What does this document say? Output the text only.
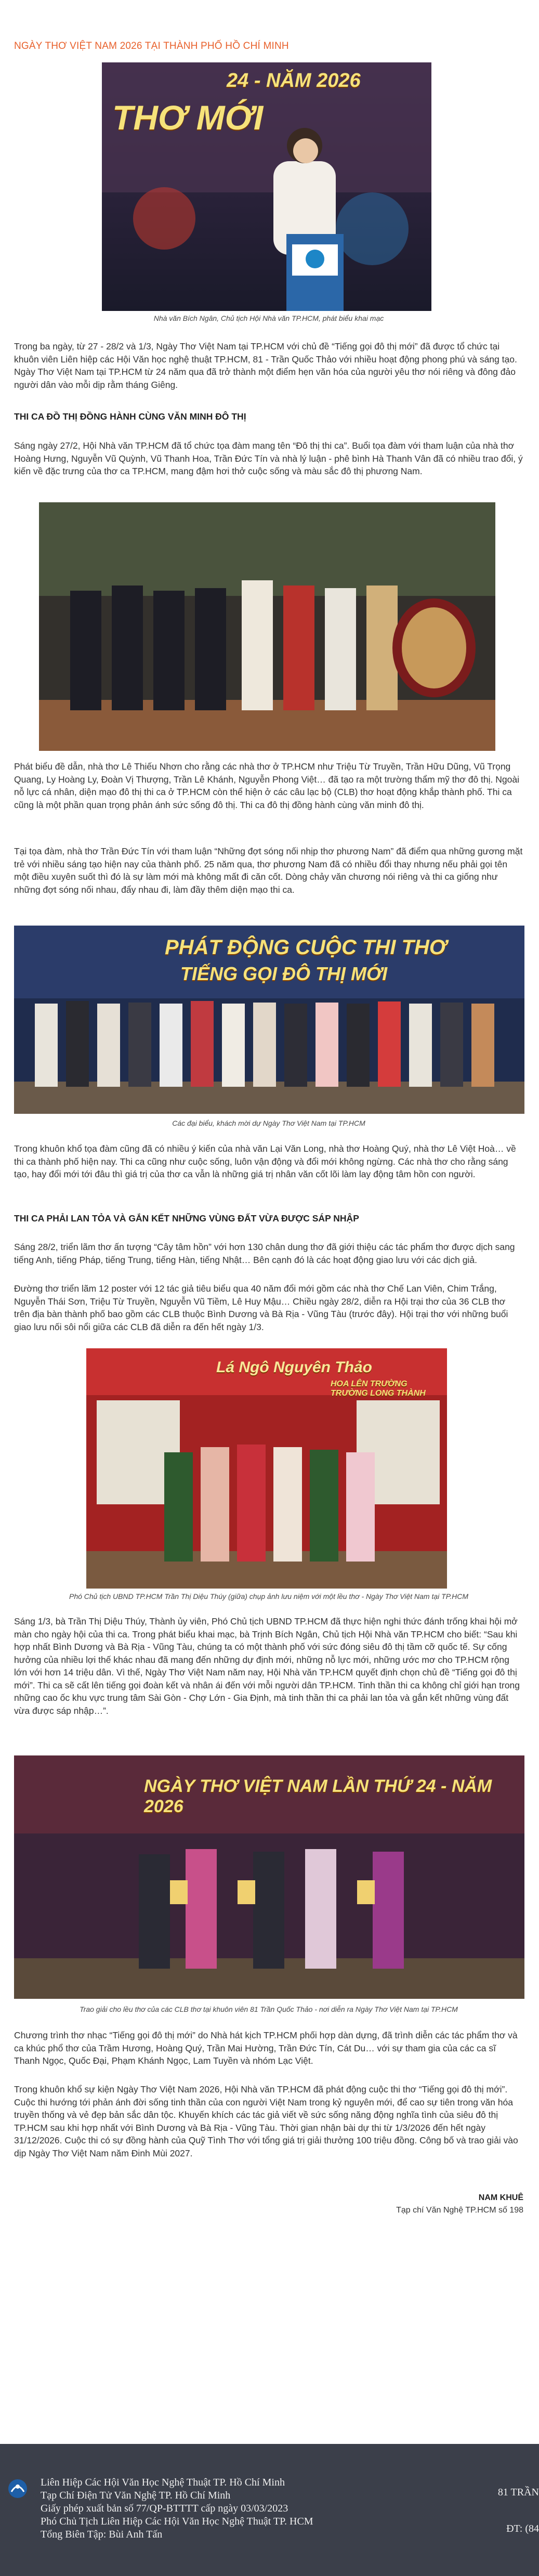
NGÀY THƠ VIỆT NAM 2026 TẠI THÀNH PHỐ HỒ CHÍ MINH
24 - NĂM 2026
THƠ MỚI
Nhà văn Bích Ngân, Chủ tịch Hội Nhà văn TP.HCM, phát biểu khai mạc

Trong ba ngày, từ 27 - 28/2 và 1/3, Ngày Thơ Việt Nam tại TP.HCM với chủ đề “Tiếng gọi đô thị mới” đã được tổ chức tại khuôn viên Liên hiệp các Hội Văn học nghệ thuật TP.HCM, 81 - Trần Quốc Thảo với nhiều hoạt động phong phú và sáng tạo. Ngày Thơ Việt Nam tại TP.HCM từ 24 năm qua đã trở thành một điểm hẹn văn hóa của người yêu thơ nói riêng và đông đảo người dân vào mỗi dịp rằm tháng Giêng.

THI CA ĐỒ THỊ ĐỒNG HÀNH CÙNG VĂN MINH ĐÔ THỊ

Sáng ngày 27/2, Hội Nhà văn TP.HCM đã tổ chức tọa đàm mang tên “Đô thị thi ca”. Buổi tọa đàm với tham luận của nhà thơ Hoàng Hưng, Nguyễn Vũ Quỳnh, Vũ Thanh Hoa, Trần Đức Tín và nhà lý luận - phê bình Hà Thanh Vân đã có nhiều trao đổi, ý kiến về đặc trưng của thơ ca TP.HCM, mang đậm hơi thở cuộc sống và màu sắc đô thị phương Nam.

Phát biểu đề dẫn, nhà thơ Lê Thiếu Nhơn cho rằng các nhà thơ ở TP.HCM như Triệu Từ Truyền, Trần Hữu Dũng, Vũ Trọng Quang, Ly Hoàng Ly, Đoàn Vị Thượng, Trần Lê Khánh, Nguyễn Phong Việt… đã tạo ra một trường thẩm mỹ thơ đô thị. Ngoài nỗ lực cá nhân, diện mạo đô thị thi ca ở TP.HCM còn thể hiện ở các câu lạc bộ (CLB) thơ hoạt động khắp thành phố. Thi ca cũng là một phần quan trọng phản ánh sức sống đô thị. Thi ca đô thị đồng hành cùng văn minh đô thị.

Tại tọa đàm, nhà thơ Trần Đức Tín với tham luận “Những đợt sóng nối nhịp thơ phương Nam” đã điểm qua những gương mặt trẻ với nhiều sáng tạo hiện nay của thành phố. 25 năm qua, thơ phương Nam đã có nhiều đổi thay nhưng nếu phải gọi tên một điều xuyên suốt thì đó là sự làm mới mà không mất đi căn cốt. Dòng chảy văn chương nói riêng và thi ca giống như những đợt sóng nối nhau, đẩy nhau đi, làm đầy thêm diện mạo thi ca.

PHÁT ĐỘNG CUỘC THI THƠ
TIẾNG GỌI ĐÔ THỊ MỚI
Các đại biểu, khách mời dự Ngày Thơ Việt Nam tại TP.HCM

Trong khuôn khổ tọa đàm cũng đã có nhiều ý kiến của nhà văn Lại Văn Long, nhà thơ Hoàng Quý, nhà thơ Lê Việt Hoà… về thi ca thành phố hiện nay. Thi ca cũng như cuộc sống, luôn vận động và đổi mới không ngừng. Các nhà thơ cho rằng sáng tạo, hay đổi mới tới đâu thì giá trị của thơ ca vẫn là những giá trị nhân văn cốt lõi làm lay động tâm hồn con người.

THI CA PHẢI LAN TỎA VÀ GẮN KẾT NHỮNG VÙNG ĐẤT VỪA ĐƯỢC SÁP NHẬP

Sáng 28/2, triển lãm thơ ấn tượng “Cây tâm hồn” với hơn 130 chân dung thơ đã giới thiệu các tác phẩm thơ được dịch sang tiếng Anh, tiếng Pháp, tiếng Trung, tiếng Hàn, tiếng Nhật… Bên cạnh đó là các hoạt động giao lưu với các dịch giả.

Đường thơ triển lãm 12 poster với 12 tác giả tiêu biểu qua 40 năm đổi mới gồm các nhà thơ Chế Lan Viên, Chim Trắng, Nguyễn Thái Sơn, Triệu Từ Truyền, Nguyễn Vũ Tiềm, Lê Huy Mậu… Chiều ngày 28/2, diễn ra Hội trại thơ của 36 CLB thơ trên địa bàn thành phố bao gồm các CLB thuộc Bình Dương và Bà Rịa - Vũng Tàu (trước đây). Hội trại thơ với những buổi giao lưu nối sôi nổi giữa các CLB đã diễn ra đến hết ngày 1/3.

Lá Ngô Nguyên Thảo
HOA LÊN TRƯỜNG TRƯỜNG LONG THÀNH
Phó Chủ tịch UBND TP.HCM Trần Thị Diệu Thúy (giữa) chụp ảnh lưu niệm với một lều thơ - Ngày Thơ Việt Nam tại TP.HCM

Sáng 1/3, bà Trần Thị Diệu Thúy, Thành ủy viên, Phó Chủ tịch UBND TP.HCM đã thực hiện nghi thức đánh trống khai hội mở màn cho ngày hội của thi ca. Trong phát biểu khai mạc, bà Trịnh Bích Ngân, Chủ tịch Hội Nhà văn TP.HCM cho biết: “Sau khi hợp nhất Bình Dương và Bà Rịa - Vũng Tàu, chúng ta có một thành phố với sức đóng siêu đô thị tầm cỡ quốc tế. Sự cống hưởng của nhiều lợi thế khác nhau đã mang đến những dự định mới, những nỗ lực mới, những ước mơ cho TP.HCM rộng lớn với hơn 14 triệu dân. Vì thế, Ngày Thơ Việt Nam năm nay, Hội Nhà văn TP.HCM quyết định chọn chủ đề “Tiếng gọi đô thị mới”. Thi ca sẽ cất lên tiếng gọi đoàn kết và nhân ái đến với mỗi người dân TP.HCM. Tinh thần thi ca không chỉ giới hạn trong những cao ốc khu vực trung tâm Sài Gòn - Chợ Lớn - Gia Định, mà tinh thần thi ca phải lan tỏa và gắn kết những vùng đất vừa được sáp nhập…”.

NGÀY THƠ VIỆT NAM LẦN THỨ 24 - NĂM 2026
Trao giải cho lều thơ của các CLB thơ tại khuôn viên 81 Trần Quốc Thảo - nơi diễn ra Ngày Thơ Việt Nam tại TP.HCM

Chương trình thơ nhạc “Tiếng gọi đô thị mới” do Nhà hát kịch TP.HCM phối hợp dàn dựng, đã trình diễn các tác phẩm thơ và ca khúc phổ thơ của Trầm Hương, Hoàng Quý, Trần Mai Hường, Trần Đức Tín, Cát Du… với sự tham gia của các ca sĩ Thanh Ngọc, Quốc Đại, Phạm Khánh Ngọc, Lam Tuyền và nhóm Lạc Việt.

Trong khuôn khổ sự kiện Ngày Thơ Việt Nam 2026, Hội Nhà văn TP.HCM đã phát động cuộc thi thơ “Tiếng gọi đô thị mới”. Cuộc thi hướng tới phản ánh đời sống tinh thần của con người Việt Nam trong kỷ nguyên mới, để cao sự tiên trong văn hóa truyền thống và vẻ đẹp bản sắc dân tộc. Khuyến khích các tác giả viết về sức sống năng động nghĩa tình của siêu đô thị TP.HCM sau khi hợp nhất với Bình Dương và Bà Rịa - Vũng Tàu. Thời gian nhận bài dự thi từ 1/3/2026 đến hết ngày 31/12/2026. Cuộc thi có sự đồng hành của Quỹ Tình Thơ với tổng giá trị giải thưởng 100 triệu đồng. Công bố và trao giải vào dịp Ngày Thơ Việt Nam năm Đinh Mùi 2027.

NAM KHUÊ
Tạp chí Văn Nghệ TP.HCM số 198
Liên Hiệp Các Hội Văn Học Nghệ Thuật TP. Hồ Chí Minh
Tạp Chí Điện Tử Văn Nghệ TP. Hồ Chí Minh
Giấy phép xuất bản số 77/QP-BTTTT cấp ngày 03/03/2023
Phó Chủ Tịch Liên Hiệp Các Hội Văn Học Nghệ Thuật TP. HCM
Tổng Biên Tập: Bùi Anh Tấn
81 TRẦN
ĐT: (84
